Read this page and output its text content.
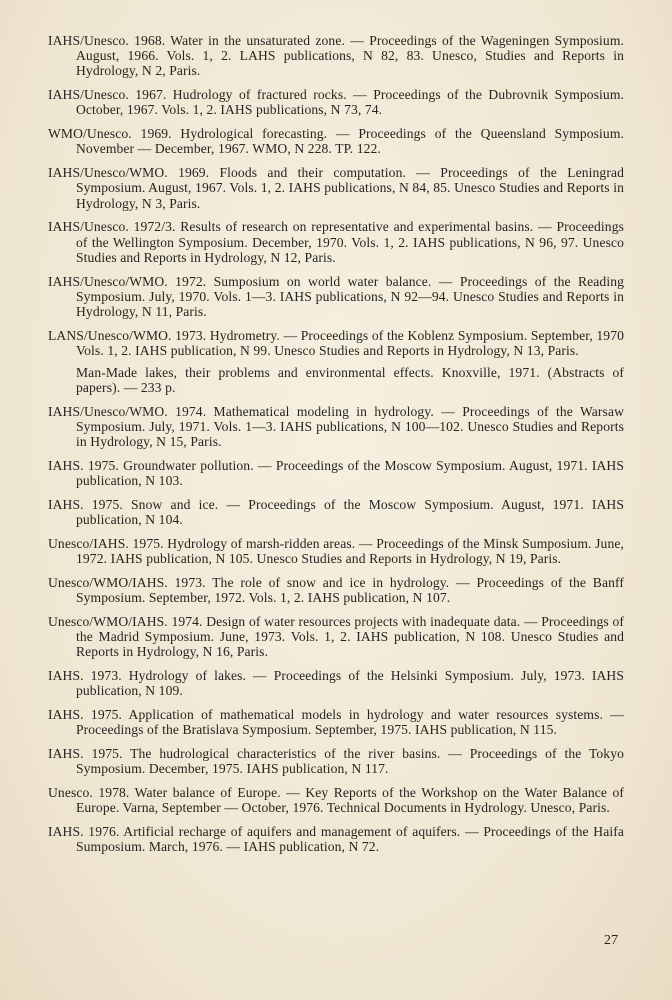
IAHS/Unesco. 1968. Water in the unsaturated zone. — Proceedings of the Wageningen Symposium. August, 1966. Vols. 1, 2. LAHS publications, N 82, 83. Unesco, Studies and Reports in Hydrology, N 2, Paris.

IAHS/Unesco. 1967. Hudrology of fractured rocks. — Proceedings of the Dubrovnik Symposium. October, 1967. Vols. 1, 2. IAHS publications, N 73, 74.

WMO/Unesco. 1969. Hydrological forecasting. — Proceedings of the Queensland Symposium. November — December, 1967. WMO, N 228. TP. 122.

IAHS/Unesco/WMO. 1969. Floods and their computation. — Proceedings of the Leningrad Symposium. August, 1967. Vols. 1, 2. IAHS publications, N 84, 85. Unesco Studies and Reports in Hydrology, N 3, Paris.

IAHS/Unesco. 1972/3. Results of research on representative and experimental basins. — Proceedings of the Wellington Symposium. December, 1970. Vols. 1, 2. IAHS publications, N 96, 97. Unesco Studies and Reports in Hydrology, N 12, Paris.

IAHS/Unesco/WMO. 1972. Sumposium on world water balance. — Proceedings of the Reading Symposium. July, 1970. Vols. 1—3. IAHS publications, N 92—94. Unesco Studies and Reports in Hydrology, N 11, Paris.

LANS/Unesco/WMO. 1973. Hydrometry. — Proceedings of the Koblenz Symposium. September, 1970 Vols. 1, 2. IAHS publication, N 99. Unesco Studies and Reports in Hydrology, N 13, Paris.

Man-Made lakes, their problems and environmental effects. Knoxville, 1971. (Abstracts of papers). — 233 p.

IAHS/Unesco/WMO. 1974. Mathematical modeling in hydrology. — Proceedings of the Warsaw Symposium. July, 1971. Vols. 1—3. IAHS publications, N 100—102. Unesco Studies and Reports in Hydrology, N 15, Paris.

IAHS. 1975. Groundwater pollution. — Proceedings of the Moscow Symposium. August, 1971. IAHS publication, N 103.

IAHS. 1975. Snow and ice. — Proceedings of the Moscow Symposium. August, 1971. IAHS publication, N 104.

Unesco/IAHS. 1975. Hydrology of marsh-ridden areas. — Proceedings of the Minsk Sumposium. June, 1972. IAHS publication, N 105. Unesco Studies and Reports in Hydrology, N 19, Paris.

Unesco/WMO/IAHS. 1973. The role of snow and ice in hydrology. — Proceedings of the Banff Symposium. September, 1972. Vols. 1, 2. IAHS publication, N 107.

Unesco/WMO/IAHS. 1974. Design of water resources projects with inadequate data. — Proceedings of the Madrid Symposium. June, 1973. Vols. 1, 2. IAHS publication, N 108. Unesco Studies and Reports in Hydrology, N 16, Paris.

IAHS. 1973. Hydrology of lakes. — Proceedings of the Helsinki Symposium. July, 1973. IAHS publication, N 109.

IAHS. 1975. Application of mathematical models in hydrology and water resources systems. — Proceedings of the Bratislava Symposium. September, 1975. IAHS publication, N 115.

IAHS. 1975. The hudrological characteristics of the river basins. — Proceedings of the Tokyo Symposium. December, 1975. IAHS publication, N 117.

Unesco. 1978. Water balance of Europe. — Key Reports of the Workshop on the Water Balance of Europe. Varna, September — October, 1976. Technical Documents in Hydrology. Unesco, Paris.

IAHS. 1976. Artificial recharge of aquifers and management of aquifers. — Proceedings of the Haifa Sumposium. March, 1976. — IAHS publication, N 72.

27
